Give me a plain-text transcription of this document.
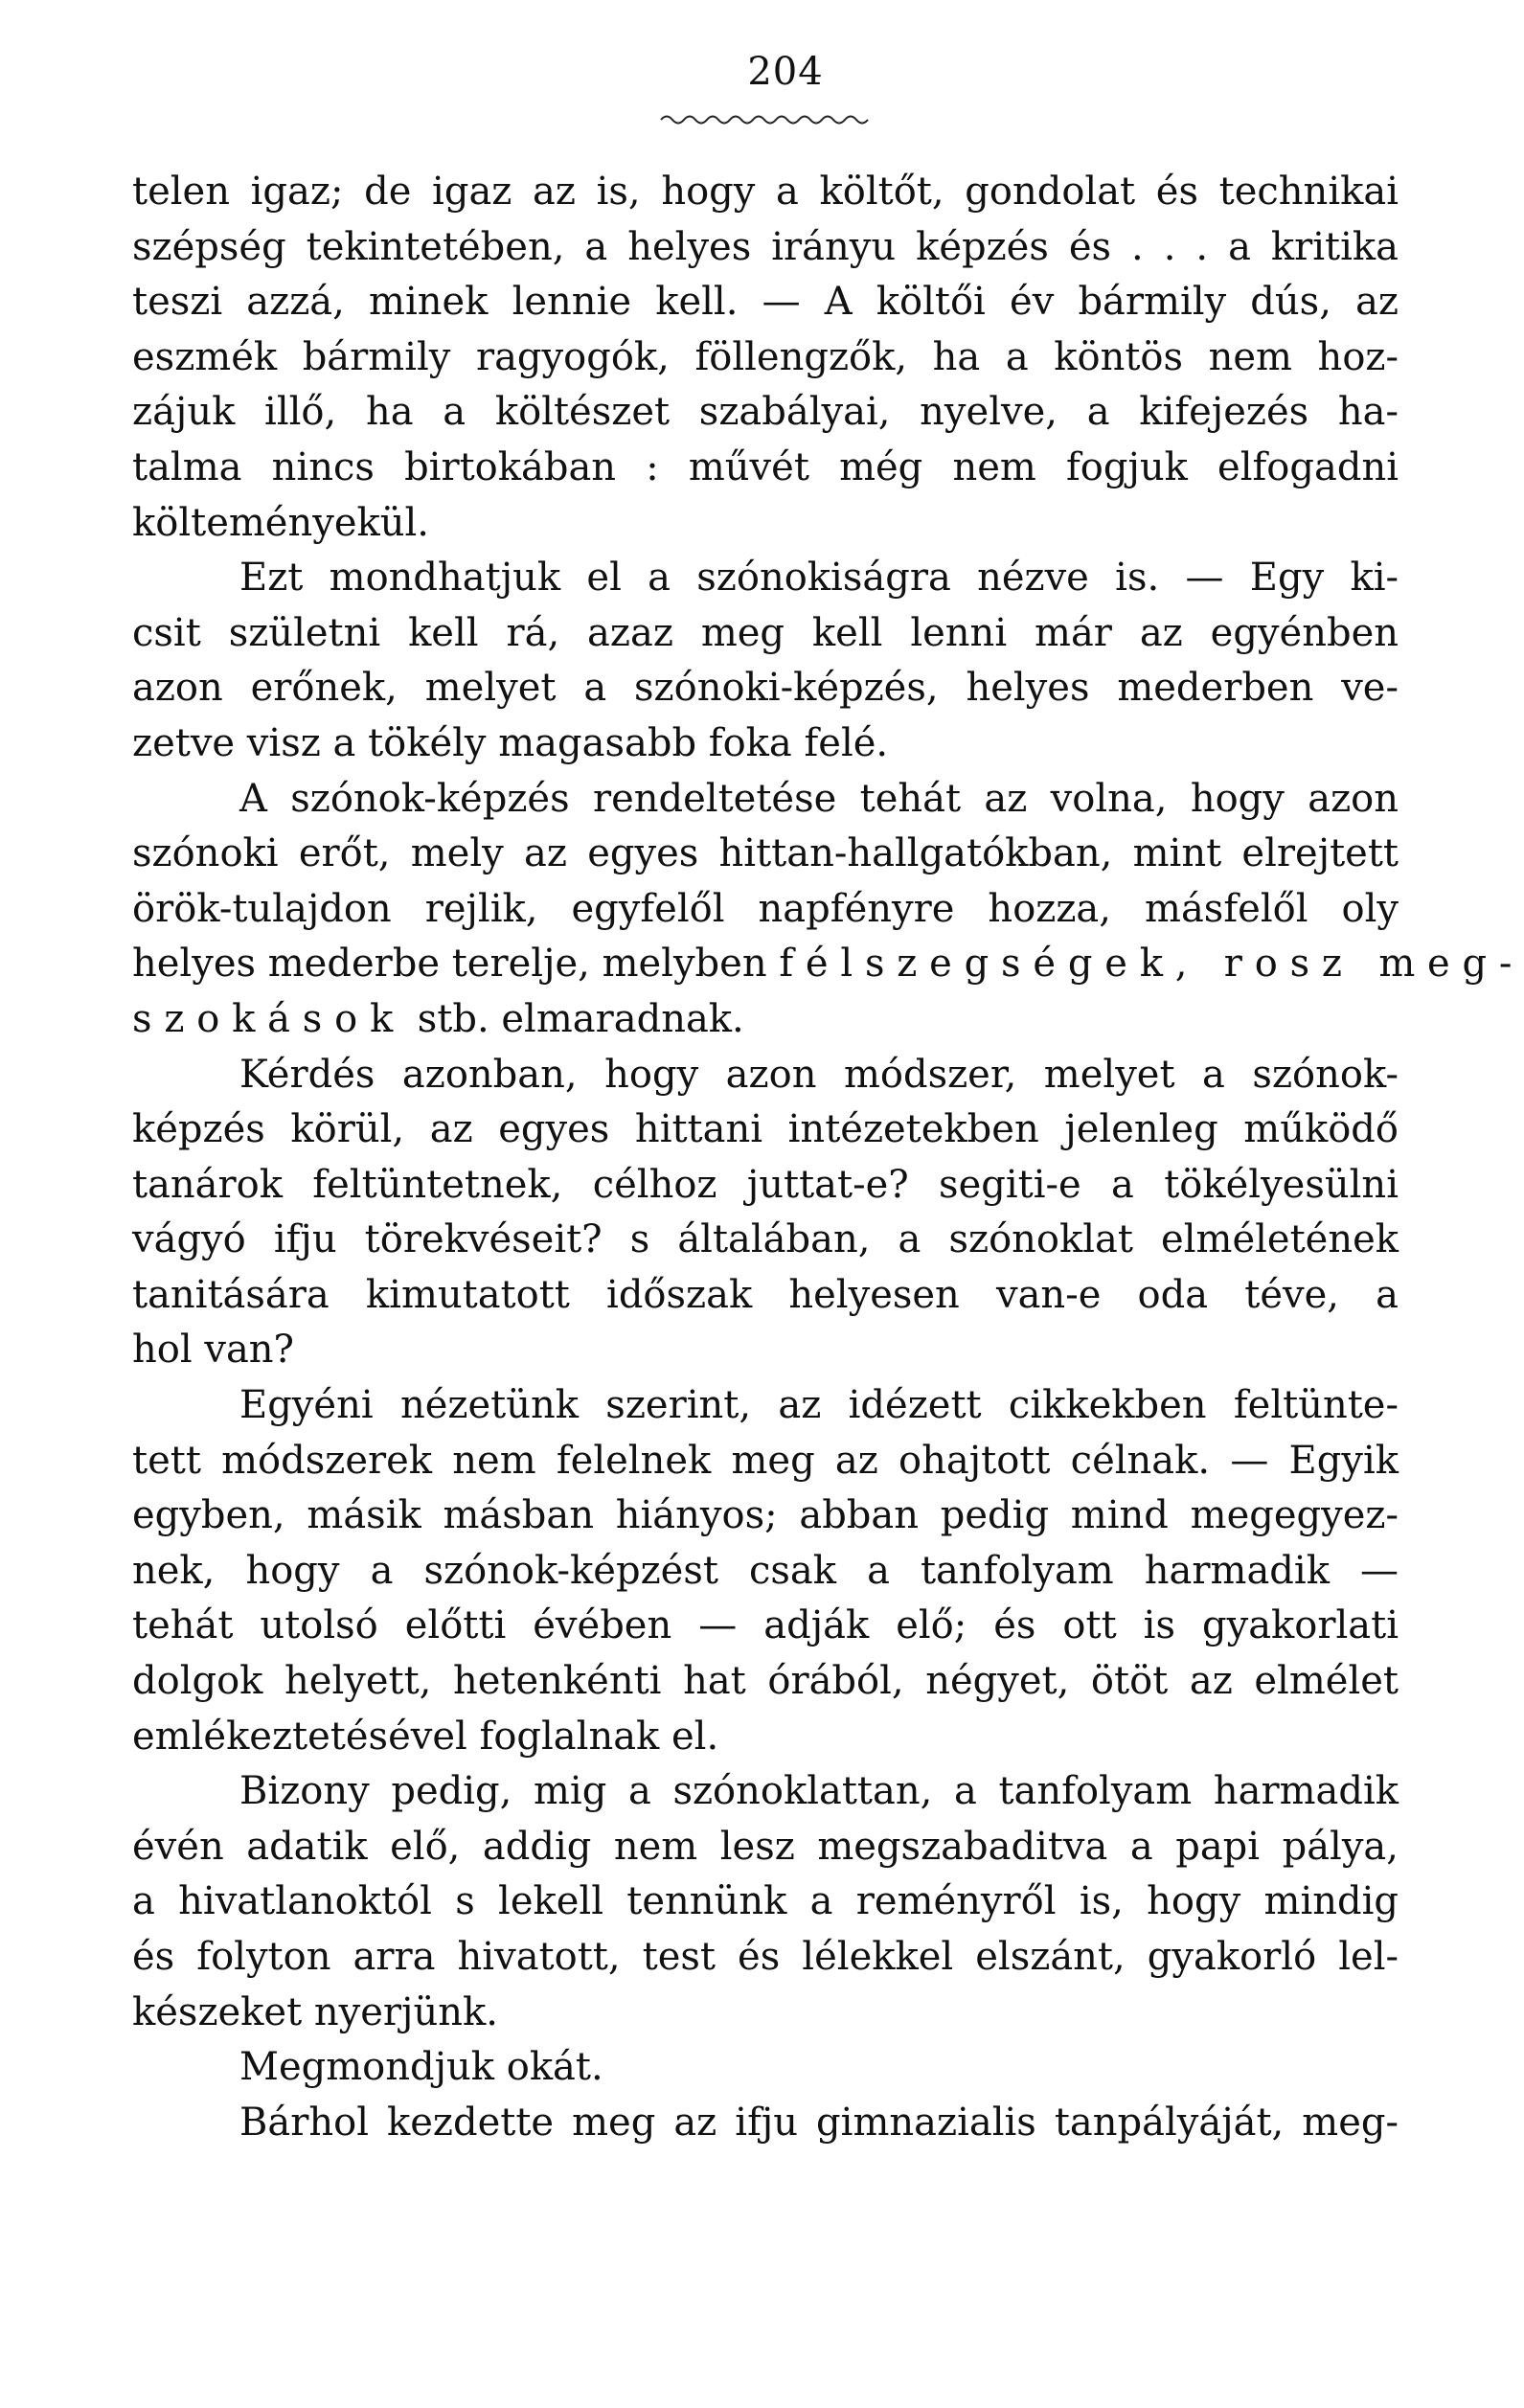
204
telen igaz; de igaz az is, hogy a költőt, gondolat és technikai
szépség tekintetében, a helyes irányu képzés és . . . a kritika
teszi azzá, minek lennie kell. — A költői év bármily dús, az
eszmék bármily ragyogók, föllengzők, ha a köntös nem hoz-
zájuk illő, ha a költészet szabályai, nyelve, a kifejezés ha-
talma nincs birtokában : művét még nem fogjuk elfogadni
költeményekül.
Ezt mondhatjuk el a szónokiságra nézve is. — Egy ki-
csit születni kell rá, azaz meg kell lenni már az egyénben
azon erőnek, melyet a szónoki-képzés, helyes mederben ve-
zetve visz a tökély magasabb foka felé.
A szónok-képzés rendeltetése tehát az volna, hogy azon
szónoki erőt, mely az egyes hittan-hallgatókban, mint elrejtett
örök-tulajdon rejlik, egyfelől napfényre hozza, másfelől oly
helyes mederbe terelje, melyben félszegségek, rosz meg-
szokások stb. elmaradnak.
Kérdés azonban, hogy azon módszer, melyet a szónok-
képzés körül, az egyes hittani intézetekben jelenleg működő
tanárok feltüntetnek, célhoz juttat-e? segiti-e a tökélyesülni
vágyó ifju törekvéseit? s általában, a szónoklat elméletének
tanitására kimutatott időszak helyesen van-e oda téve, a
hol van?
Egyéni nézetünk szerint, az idézett cikkekben feltünte-
tett módszerek nem felelnek meg az ohajtott célnak. — Egyik
egyben, másik másban hiányos; abban pedig mind megegyez-
nek, hogy a szónok-képzést csak a tanfolyam harmadik —
tehát utolsó előtti évében — adják elő; és ott is gyakorlati
dolgok helyett, hetenkénti hat órából, négyet, ötöt az elmélet
emlékeztetésével foglalnak el.
Bizony pedig, mig a szónoklattan, a tanfolyam harmadik
évén adatik elő, addig nem lesz megszabaditva a papi pálya,
a hivatlanoktól s lekell tennünk a reményről is, hogy mindig
és folyton arra hivatott, test és lélekkel elszánt, gyakorló lel-
készeket nyerjünk.
Megmondjuk okát.
Bárhol kezdette meg az ifju gimnazialis tanpályáját, meg-
